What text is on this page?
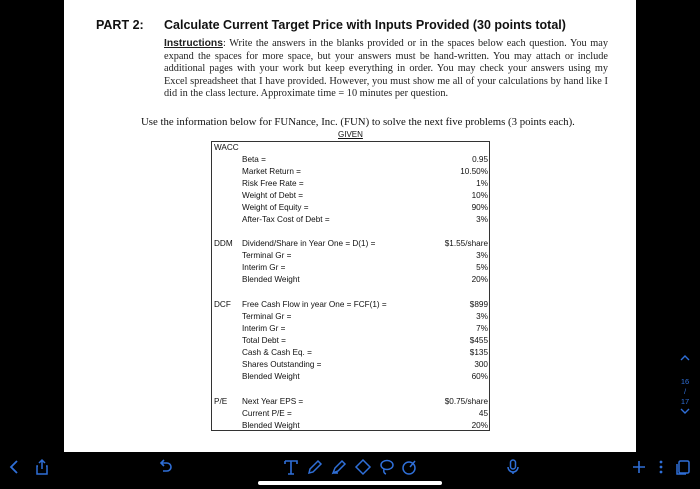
PART 2: Calculate Current Target Price with Inputs Provided (30 points total)
Instructions: Write the answers in the blanks provided or in the spaces below each question. You may expand the spaces for more space, but your answers must be hand-written. You may attach or include additional pages with your work but keep everything in order. You may check your answers using my Excel spreadsheet that I have provided. However, you must show me all of your calculations by hand like I did in the class lecture. Approximate time = 10 minutes per question.
Use the information below for FUNance, Inc. (FUN) to solve the next five problems (3 points each).
GIVEN
WACC
Beta =	0.95
Market Return =	10.50%
Risk Free Rate =	1%
Weight of Debt =	10%
Weight of Equity =	90%
After-Tax Cost of Debt =	3%
DDM Dividend/Share in Year One = D(1) =	$1.55/share
Terminal Gr =	3%
Interim Gr =	5%
Blended Weight	20%
DCF Free Cash Flow in year One = FCF(1) =	$899
Terminal Gr =	3%
Interim Gr =	7%
Total Debt =	$455
Cash & Cash Eq. =	$135
Shares Outstanding =	300
Blended Weight	60%
P/E Next Year EPS =	$0.75/share
Current P/E =	45
Blended Weight	20%
16
/
17
